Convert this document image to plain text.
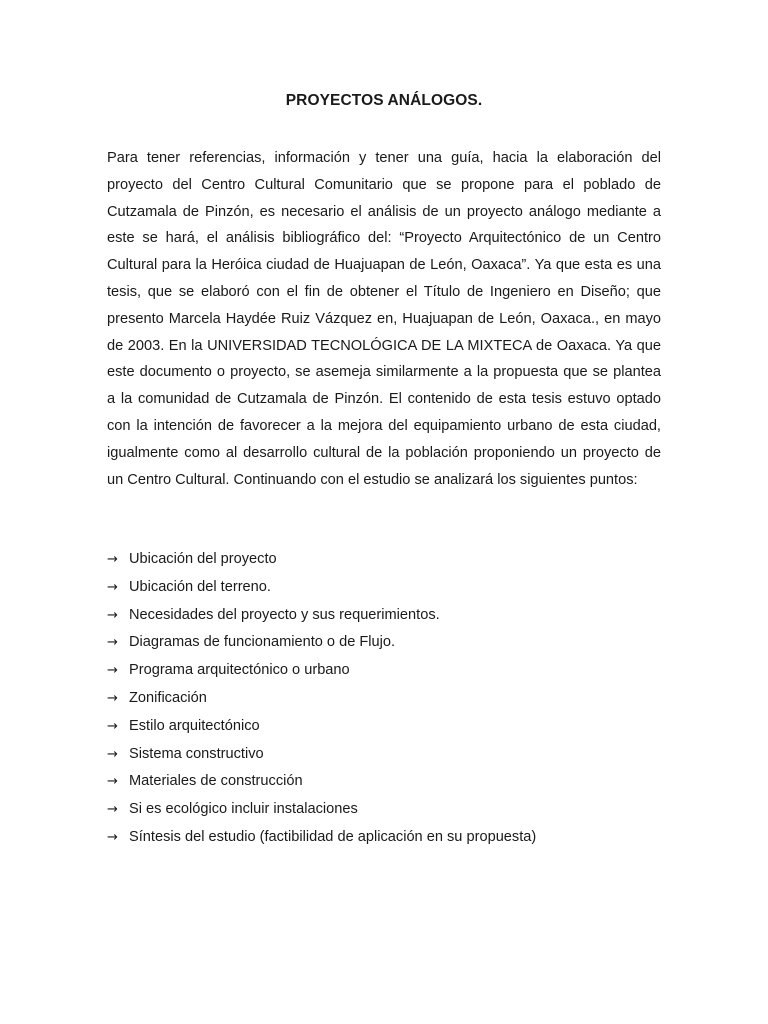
PROYECTOS ANÁLOGOS.

Para tener referencias, información y tener una guía, hacia la elaboración del proyecto del Centro Cultural Comunitario que se propone para el poblado de Cutzamala de Pinzón, es necesario el análisis de un proyecto análogo mediante a este se hará, el análisis bibliográfico del: “Proyecto Arquitectónico de un Centro Cultural para la Heróica ciudad de Huajuapan de León, Oaxaca”. Ya que esta es una tesis, que se elaboró con el fin de obtener el Título de Ingeniero en Diseño; que presento Marcela Haydée Ruiz Vázquez en, Huajuapan de León, Oaxaca., en mayo de 2003. En la UNIVERSIDAD TECNOLÓGICA DE LA MIXTECA de Oaxaca. Ya que este documento o proyecto, se asemeja similarmente a la propuesta que se plantea a la comunidad de Cutzamala de Pinzón. El contenido de esta tesis estuvo optado con la intención de favorecer a la mejora del equipamiento urbano de esta ciudad, igualmente como al desarrollo cultural de la población proponiendo un proyecto de un Centro Cultural. Continuando con el estudio se analizará los siguientes puntos:

→ Ubicación del proyecto
→ Ubicación del terreno.
→ Necesidades del proyecto y sus requerimientos.
→ Diagramas de funcionamiento o de Flujo.
→ Programa arquitectónico o urbano
→ Zonificación
→ Estilo arquitectónico
→ Sistema constructivo
→ Materiales de construcción
→ Si es ecológico incluir instalaciones
→ Síntesis del estudio (factibilidad de aplicación en su propuesta)
